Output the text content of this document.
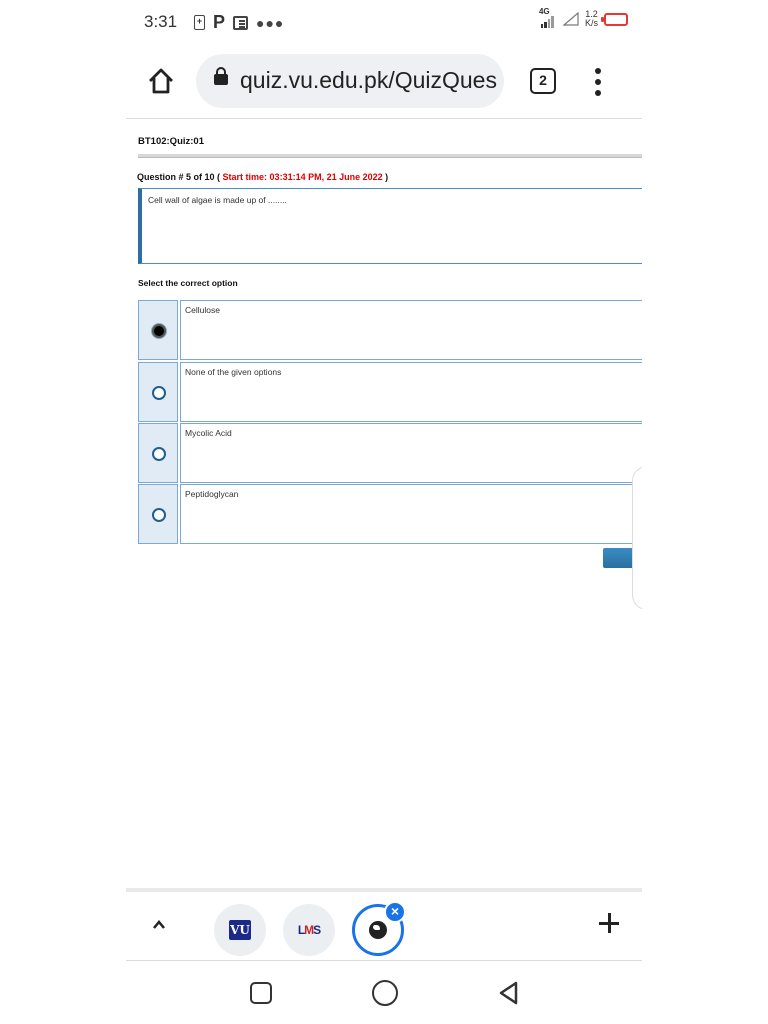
3:31	+ P ●●●
4G	1.2
K/s
quiz.vu.edu.pk/QuizQues	2
BT102:Quiz:01
Question # 5 of 10 ( Start time: 03:31:14 PM, 21 June 2022 )
Cell wall of algae is made up of ........
Select the correct option
Cellulose
None of the given options
Mycolic Acid
Peptidoglycan
VU	LMS
×
